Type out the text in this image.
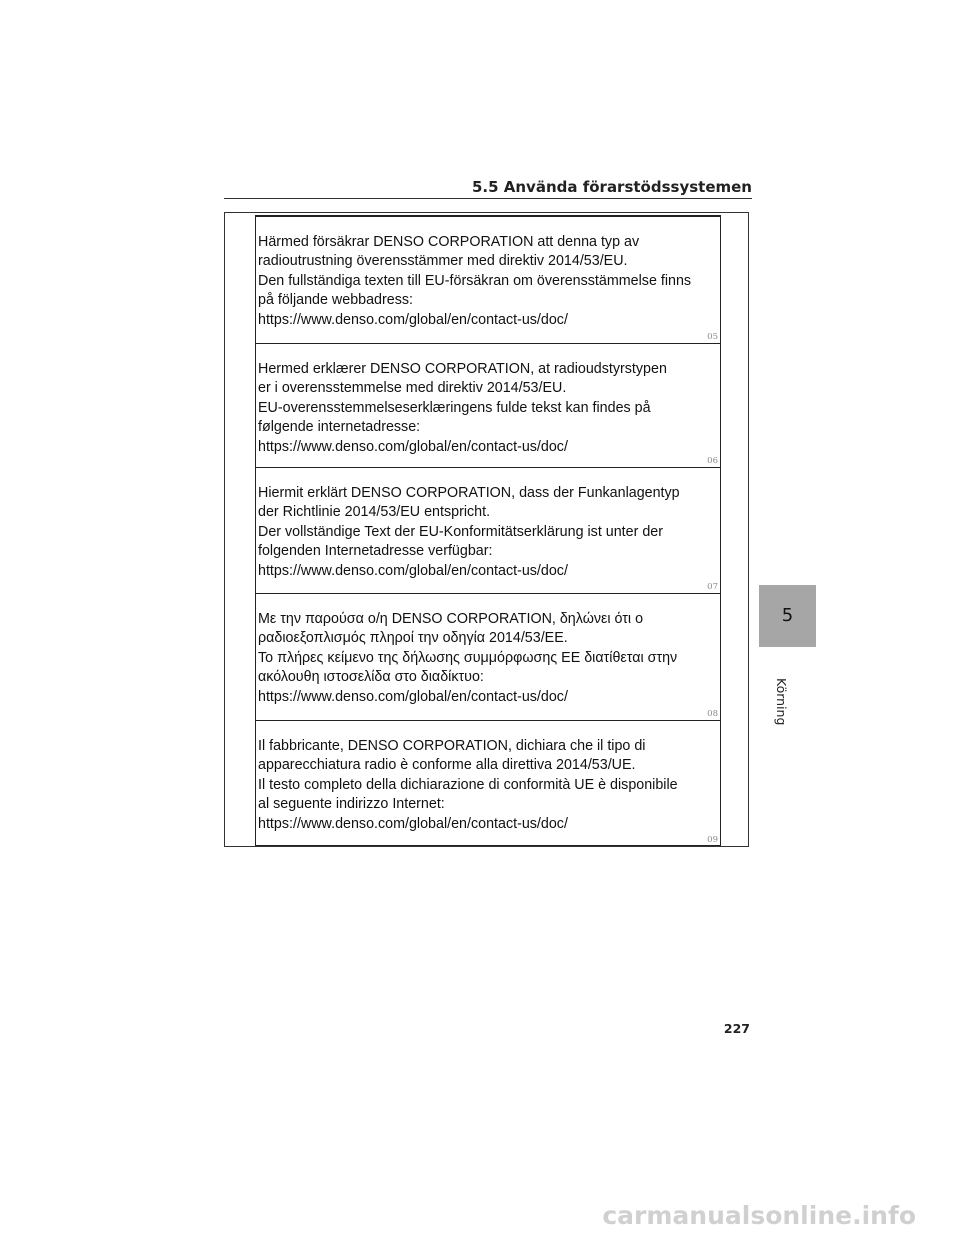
5.5 Använda förarstödssystemen
Härmed försäkrar DENSO CORPORATION att denna typ av
radioutrustning överensstämmer med direktiv 2014/53/EU.
Den fullständiga texten till EU-försäkran om överensstämmelse finns
på följande webbadress:
https://www.denso.com/global/en/contact-us/doc/
05
Hermed erklærer DENSO CORPORATION, at radioudstyrstypen
er i overensstemmelse med direktiv 2014/53/EU.
EU-overensstemmelseserklæringens fulde tekst kan findes på
følgende internetadresse:
https://www.denso.com/global/en/contact-us/doc/
06
Hiermit erklärt DENSO CORPORATION, dass der Funkanlagentyp
der Richtlinie 2014/53/EU entspricht.
Der vollständige Text der EU-Konformitätserklärung ist unter der
folgenden Internetadresse verfügbar:
https://www.denso.com/global/en/contact-us/doc/
07
Με την παρούσα ο/η DENSO CORPORATION, δηλώνει ότι ο
ραδιοεξοπλισμός πληροί την οδηγία 2014/53/ΕΕ.
Το πλήρες κείμενο της δήλωσης συμμόρφωσης ΕΕ διατίθεται στην
ακόλουθη ιστοσελίδα στο διαδίκτυο:
https://www.denso.com/global/en/contact-us/doc/
08
Il fabbricante, DENSO CORPORATION, dichiara che il tipo di
apparecchiatura radio è conforme alla direttiva 2014/53/UE.
Il testo completo della dichiarazione di conformità UE è disponibile
al seguente indirizzo Internet:
https://www.denso.com/global/en/contact-us/doc/
09
5
Körning
227
carmanualsonline.info
